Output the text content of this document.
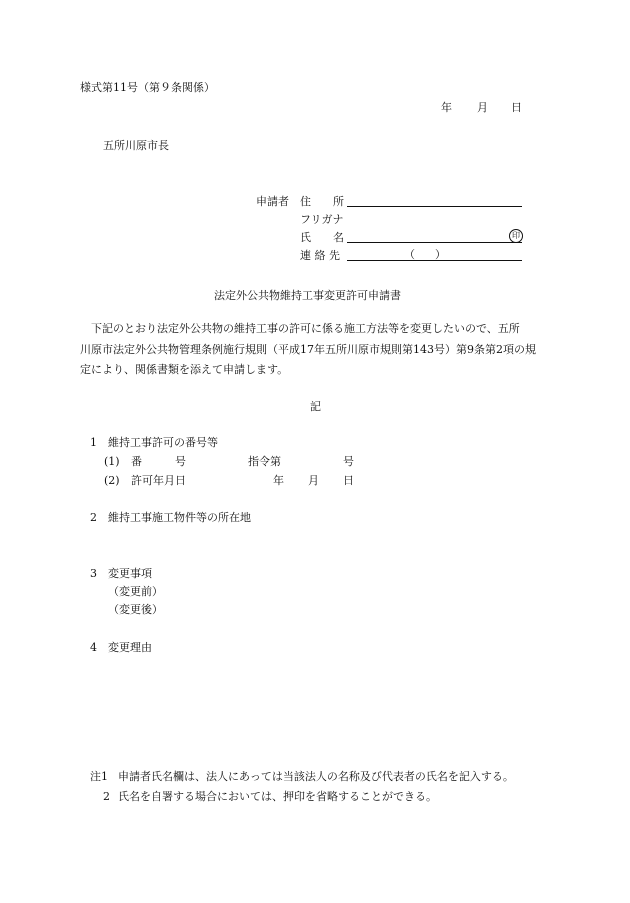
様式第11号（第９条関係）
年 月 日
五所川原市長
申請者 住　　所
フリガナ
氏　　名	印
連 絡 先	（ ）
法定外公共物維持工事変更許可申請書
下記のとおり法定外公共物の維持工事の許可に係る施工方法等を変更したいので、五所
川原市法定外公共物管理条例施行規則（平成17年五所川原市規則第143号）第9条第2項の規
定により、関係書類を添えて申請します。
記
1 維持工事許可の番号等
(1) 番　　　号	指令第	号
(2) 許可年月日	年 月 日
2 維持工事施工物件等の所在地
3 変更事項
（変更前）
（変更後）
4 変更理由
注1 申請者氏名欄は、法人にあっては当該法人の名称及び代表者の氏名を記入する。
2 氏名を自署する場合においては、押印を省略することができる。
